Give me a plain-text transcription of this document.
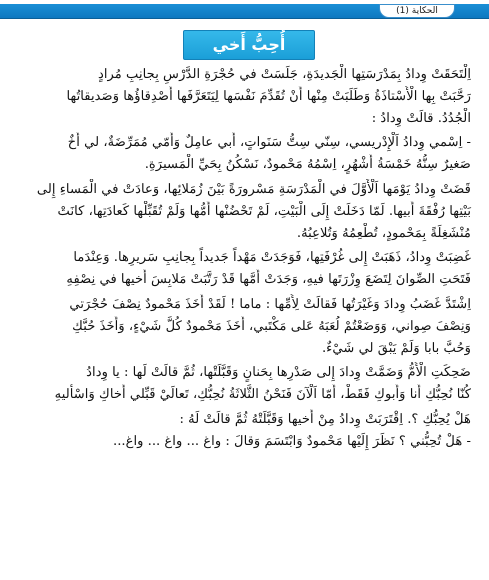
الحكاية (1)
أُحِبُّ أَخي
اِلْتَحَقَتْ وِدادُ بِمَدْرَسَتِها الْجَديدَةِ، جَلَسَتْ في حُجْرَةِ الدَّرْسِ بِجانِبِ مُرادٍ
رَحَّبَتْ بِها الْأُسْتاذَةُ وَطَلَبَتْ مِنْها أَنْ تُقَدِّمَ نَفْسَها لِيَتَعَرَّفَها أَصْدِقاؤُها وَصَديقاتُها
الْجُدُدُ. قالَتْ وِدادُ :
- اِسْمي وِدادُ اَلْإِدْريسي، سِنّي سِتُّ سَنَواتٍ، أَبي عامِلٌ وَأُمّي مُمَرِّضَةٌ، لي أَخٌ
صَغيرٌ سِنُّهُ خَمْسَةُ أَشْهُرٍ، اِسْمُهُ مَحْمودٌ، نَسْكُنُ بِحَيِّ الْمَسيرَةِ.
قَضَتْ وِدادُ يَوْمَها اَلْأَوَّلَ في الْمَدْرَسَةِ مَسْرورَةً بَيْنَ زُمَلائِها، وَعادَتْ في الْمَساءِ إِلى
بَيْتِها رُفْقَةَ أَبيها. لَمّا دَخَلَتْ إِلَى الْبَيْتِ، لَمْ تَحْضُنْها أُمُّها وَلَمْ تُقَبِّلْها كَعادَتِها، كانَتْ
مُنْشَغِلَةً بِمَحْمودٍ، تُطْعِمُهُ وَتُلاعِبُهُ.
غَضِبَتْ وِدادُ، ذَهَبَتْ إِلى غُرْفَتِها، فَوَجَدَتْ مَهْداً جَديداً بِجانِبِ سَريرِها. وَعِنْدَما
فَتَحَتِ الصِّوانَ لِتَضَعَ وِزْرَتَها فيهِ، وَجَدَتْ أُمَّها قَدْ رَتَّبَتْ مَلابِسَ أَخيها في نِصْفِهِ
اِشْتَدَّ غَضَبُ وِدادَ وَغَيْرَتُها فَقالَتْ لِأُمِّها : ماما ! لَقَدْ أَخَذَ مَحْمودٌ نِصْفَ حُجْرَتي
وَنِصْفَ صِواني، وَوَضَعْتُمْ لُعَبَهُ عَلى مَكْتَبي، أَخَذَ مَحْمودٌ كُلَّ شَيْءٍ، وَأَخَذَ حُبَّكِ
وَحُبَّ بابا وَلَمْ يَبْقَ لي شَيْءٌ.
ضَحِكَتِ الْأُمُّ وَضَمَّتْ وِدادَ إِلى صَدْرِها بِحَنانٍ وَقَبَّلَتْها، ثُمَّ قالَتْ لَها : يا وِدادُ
كُنّا نُحِبُّكِ أَنا وَأَبوكِ فَقَطْ، أَمّا اَلْآنَ فَنَحْنُ الثَّلاثَةُ نُحِبُّكِ، تَعالَيْ قَبِّلي أَخاكِ وَاسْأَليهِ
هَلْ يُحِبُّكِ ؟. اِقْتَرَبَتْ وِدادُ مِنْ أَخيها وَقَبَّلَتْهُ ثُمَّ قالَتْ لَهُ :
- هَلْ تُحِبُّني ؟ نَظَرَ إِلَيْها مَحْمودٌ وَابْتَسَمَ وَقالَ : واغ ... واغ ... واغ...
